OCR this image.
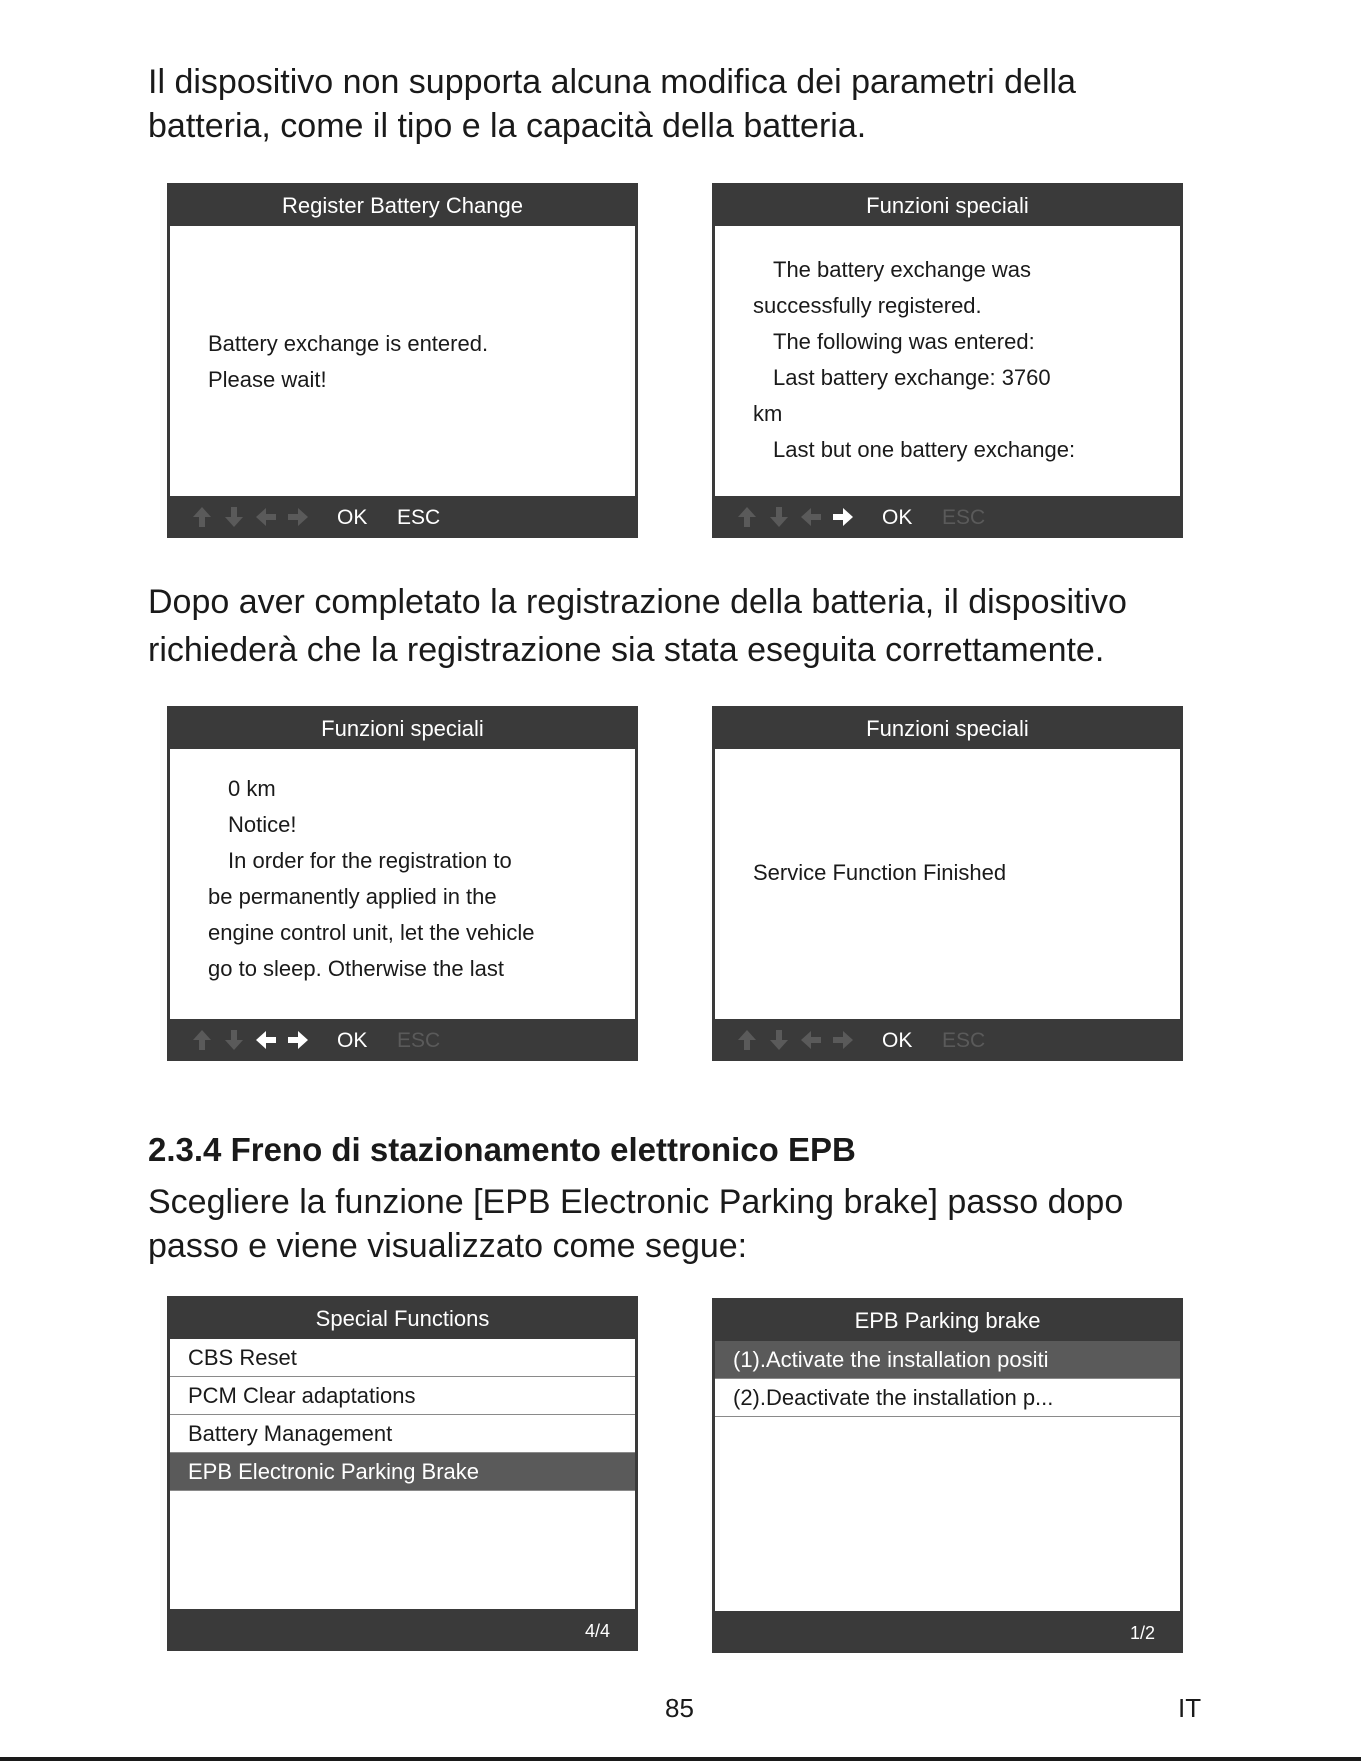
Il dispositivo non supporta alcuna modifica dei parametri della
batteria, come il tipo e la capacità della batteria.
Register Battery Change
Battery exchange is entered.
Please wait!
OK ESC
Funzioni speciali
The battery exchange was
successfully registered.
The following was entered:
Last battery exchange: 3760
km
Last but one battery exchange:
OK ESC
Dopo aver completato la registrazione della batteria, il dispositivo
richiederà che la registrazione sia stata eseguita correttamente.
Funzioni speciali
0 km
Notice!
In order for the registration to
be permanently applied in the
engine control unit, let the vehicle
go to sleep. Otherwise the last
OK ESC
Funzioni speciali
Service Function Finished
OK ESC
2.3.4 Freno di stazionamento elettronico EPB
Scegliere la funzione [EPB Electronic Parking brake] passo dopo
passo e viene visualizzato come segue:
Special Functions
CBS Reset
PCM Clear adaptations
Battery Management
EPB Electronic Parking Brake
4/4
EPB Parking brake
(1).Activate the installation positi
(2).Deactivate the installation p...
1/2
85	IT
